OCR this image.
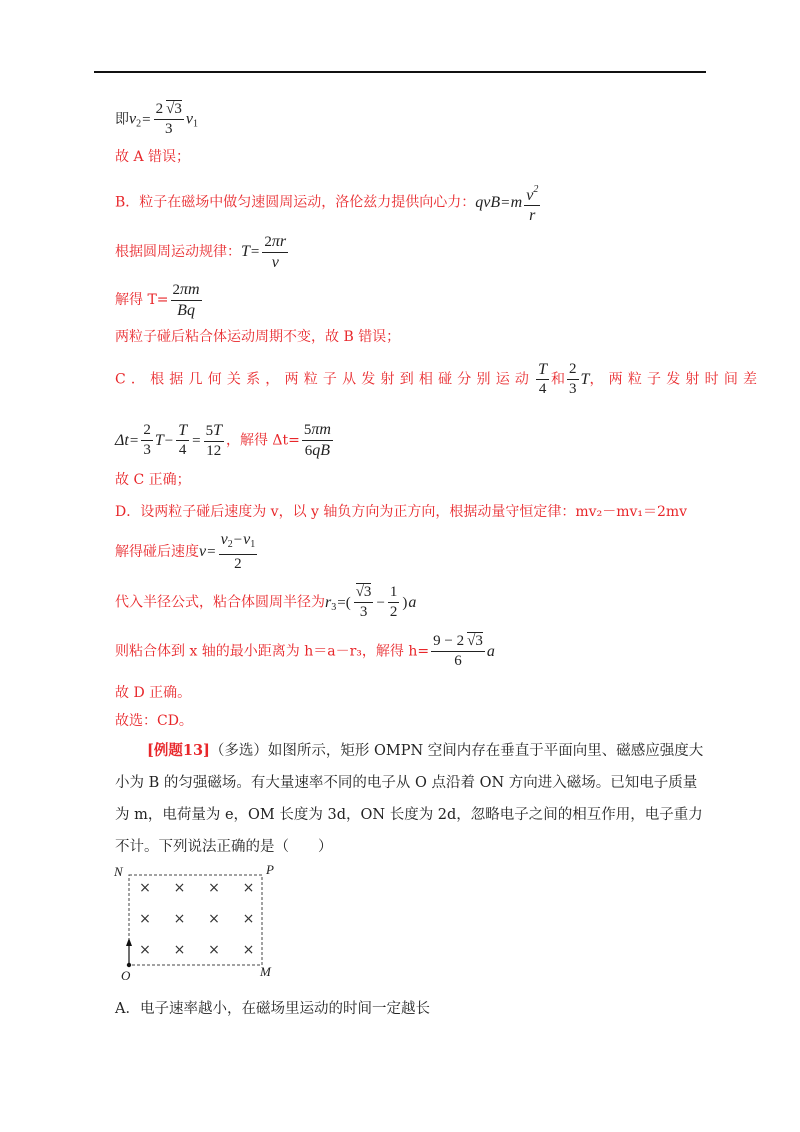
即$v_2= \frac{2 √3}{3} v_1$
故 A 错误；
B．粒子在磁场中做匀速圆周运动，洛伦兹力提供向心力：$qvB=m \frac{v^2}{r}$
根据圆周运动规律：$T= \frac{2\pi r}{v}$
解得 $T= \frac{2\pi m}{Bq}$
两粒子碰后粘合体运动周期不变，故 B 错误；
C．根据几何关系，两粒子从发射到相碰分别运动 $\frac{T}{4}$ 和 $\frac{2}{3}$ T，两粒子发射时间差
$\Delta t= \frac{2}{3} T- \frac{T}{4} = \frac{5T}{12}$ ，解得 $\Delta t= \frac{5\pi m}{6qB}$
故 C 正确；
D．设两粒子碰后速度为 v，以 y 轴负方向为正方向，根据动量守恒定律：mv₂－mv₁＝2mv
解得碰后速度$v= \frac{v_2-v_1}{2}$
代入半径公式，粘合体圆周半径为$r_3=( \frac{√3}{3} - \frac{1}{2} )a$
则粘合体到 x 轴的最小距离为 h＝a－r₃，解得 $h= \frac{9 - 2 √3}{6}$ a
故 D 正确。
故选：CD。
[例题13]（多选）如图所示，矩形 OMPN 空间内存在垂直于平面向里、磁感应强度大小为 B 的匀强磁场。有大量速率不同的电子从 O 点沿着 ON 方向进入磁场。已知电子质量为 m，电荷量为 e，OM 长度为 3d，ON 长度为 2d，忽略电子之间的相互作用，电子重力不计。下列说法正确的是（　　）
N	P
O	M
× × × ×
× × × ×
× × × ×
A．电子速率越小，在磁场里运动的时间一定越长
